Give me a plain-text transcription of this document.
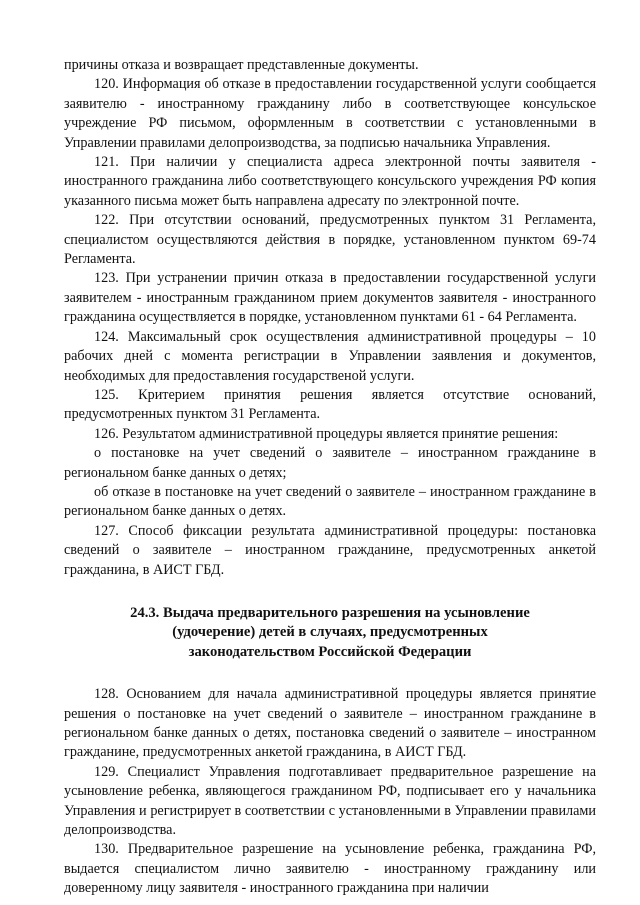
причины отказа и возвращает представленные документы.

120. Информация об отказе в предоставлении государственной услуги сообщается заявителю - иностранному гражданину либо в соответствующее консульское учреждение РФ письмом, оформленным в соответствии с установленными в Управлении правилами делопроизводства, за подписью начальника Управления.

121. При наличии у специалиста адреса электронной почты заявителя - иностранного гражданина либо соответствующего консульского учреждения РФ копия указанного письма может быть направлена адресату по электронной почте.

122. При отсутствии оснований, предусмотренных пунктом 31 Регламента, специалистом осуществляются действия в порядке, установленном пунктом 69-74 Регламента.

123. При устранении причин отказа в предоставлении государственной услуги заявителем - иностранным гражданином прием документов заявителя - иностранного гражданина осуществляется в порядке, установленном пунктами 61 - 64 Регламента.

124. Максимальный срок осуществления административной процедуры – 10 рабочих дней с момента регистрации в Управлении заявления и документов, необходимых для предоставления государственой услуги.

125. Критерием принятия решения является отсутствие оснований, предусмотренных пунктом 31 Регламента.

126. Результатом административной процедуры является принятие решения:

о постановке на учет сведений о заявителе – иностранном гражданине в региональном банке данных о детях;

об отказе в постановке на учет сведений о заявителе – иностранном гражданине в региональном банке данных о детях.

127. Способ фиксации результата административной процедуры: постановка сведений о заявителе – иностранном гражданине, предусмотренных анкетой гражданина, в АИСТ ГБД.

24.3. Выдача предварительного разрешения на усыновление
(удочерение) детей в случаях, предусмотренных
законодательством Российской Федерации

128. Основанием для начала административной процедуры является принятие решения о постановке на учет сведений о заявителе – иностранном гражданине в региональном банке данных о детях, постановка сведений о заявителе – иностранном гражданине, предусмотренных анкетой гражданина, в АИСТ ГБД.

129. Специалист Управления подготавливает предварительное разрешение на усыновление ребенка, являющегося гражданином РФ, подписывает его у начальника Управления и регистрирует в соответствии с установленными в Управлении правилами делопроизводства.

130. Предварительное разрешение на усыновление ребенка, гражданина РФ, выдается специалистом лично заявителю - иностранному гражданину или доверенному лицу заявителя - иностранного гражданина при наличии
